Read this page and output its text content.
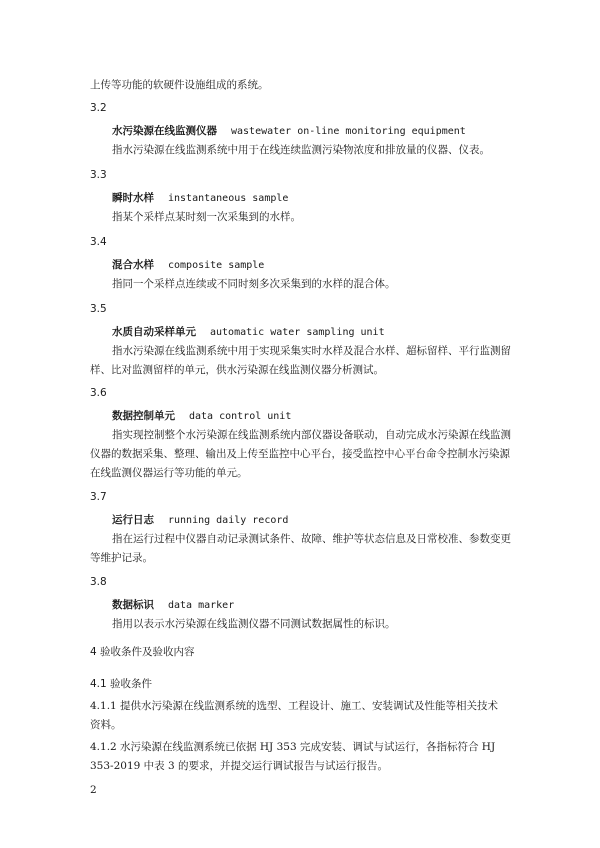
上传等功能的软硬件设施组成的系统。
3.2
水污染源在线监测仪器 wastewater on-line monitoring equipment
指水污染源在线监测系统中用于在线连续监测污染物浓度和排放量的仪器、仪表。
3.3
瞬时水样 instantaneous sample
指某个采样点某时刻一次采集到的水样。
3.4
混合水样 composite sample
指同一个采样点连续或不同时刻多次采集到的水样的混合体。
3.5
水质自动采样单元 automatic water sampling unit
指水污染源在线监测系统中用于实现采集实时水样及混合水样、超标留样、平行监测留
样、比对监测留样的单元，供水污染源在线监测仪器分析测试。
3.6
数据控制单元 data control unit
指实现控制整个水污染源在线监测系统内部仪器设备联动，自动完成水污染源在线监测
仪器的数据采集、整理、输出及上传至监控中心平台，接受监控中心平台命令控制水污染源
在线监测仪器运行等功能的单元。
3.7
运行日志 running daily record
指在运行过程中仪器自动记录测试条件、故障、维护等状态信息及日常校准、参数变更
等维护记录。
3.8
数据标识 data marker
指用以表示水污染源在线监测仪器不同测试数据属性的标识。
4 验收条件及验收内容
4.1 验收条件
4.1.1 提供水污染源在线监测系统的选型、工程设计、施工、安装调试及性能等相关技术
资料。
4.1.2 水污染源在线监测系统已依据 HJ 353 完成安装、调试与试运行，各指标符合 HJ
353-2019 中表 3 的要求，并提交运行调试报告与试运行报告。
2
